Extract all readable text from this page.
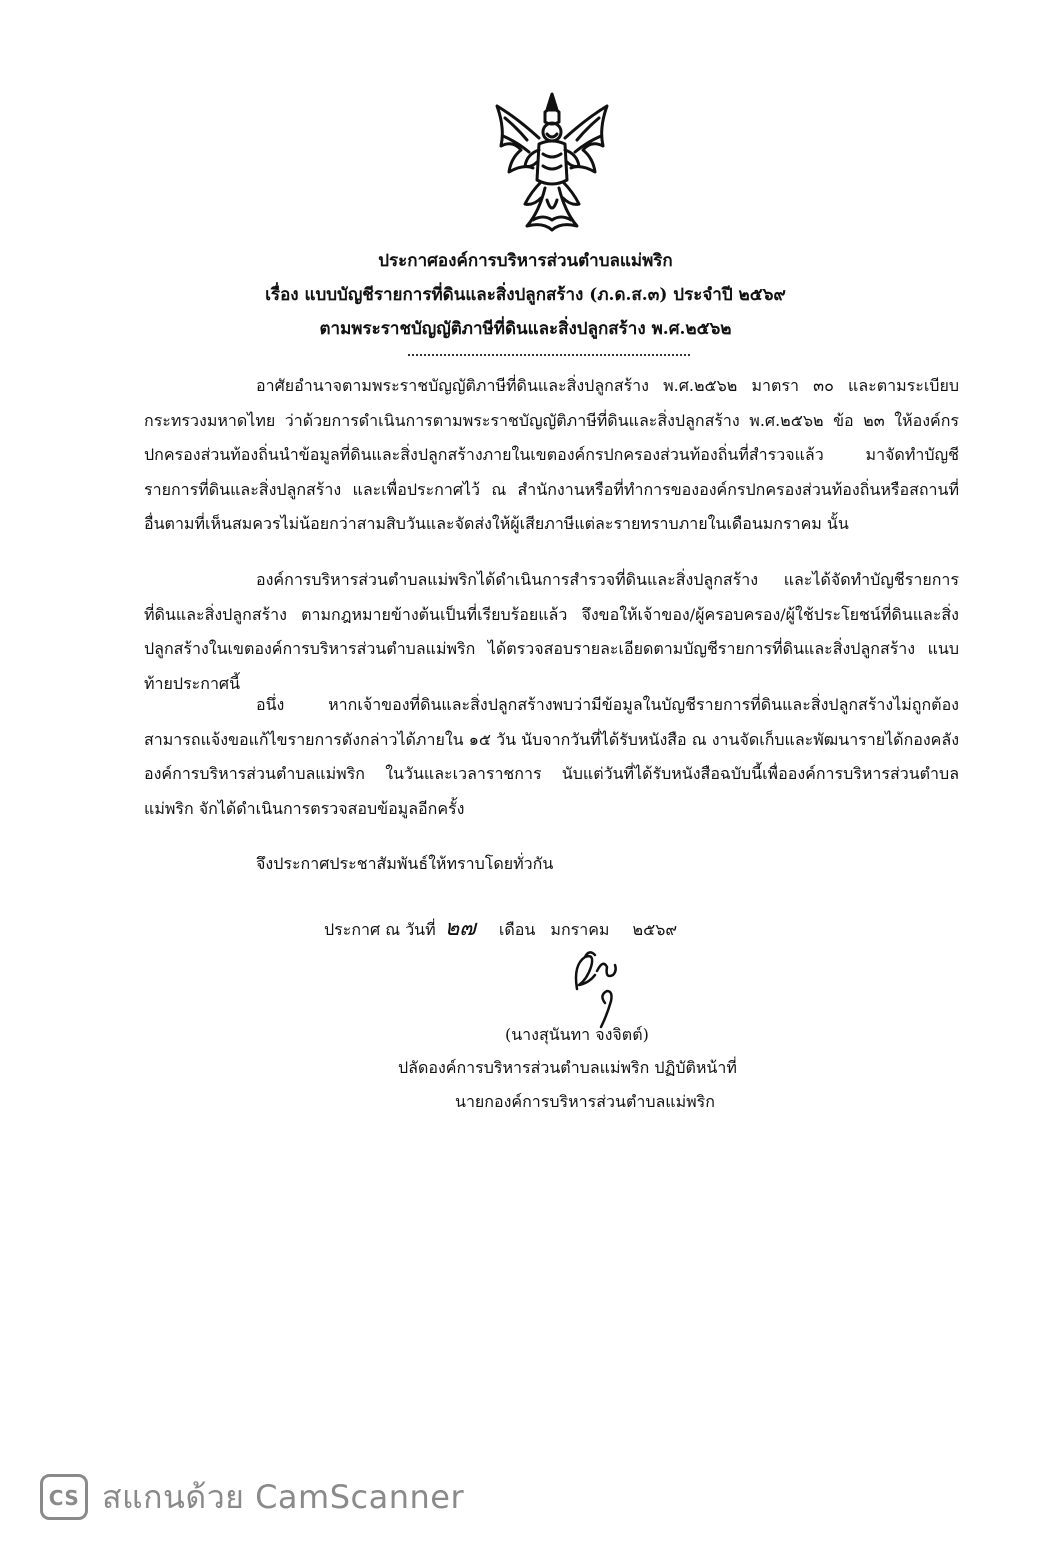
ประกาศองค์การบริหารส่วนตำบลแม่พริก
เรื่อง แบบบัญชีรายการที่ดินและสิ่งปลูกสร้าง (ภ.ด.ส.๓) ประจำปี ๒๕๖๙
ตามพระราชบัญญัติภาษีที่ดินและสิ่งปลูกสร้าง พ.ศ.๒๕๖๒
อาศัยอำนาจตามพระราชบัญญัติภาษีที่ดินและสิ่งปลูกสร้าง พ.ศ.๒๕๖๒ มาตรา ๓๐ และตามระเบียบกระทรวงมหาดไทย ว่าด้วยการดำเนินการตามพระราชบัญญัติภาษีที่ดินและสิ่งปลูกสร้าง พ.ศ.๒๕๖๒ ข้อ ๒๓ ให้องค์กรปกครองส่วนท้องถิ่นนำข้อมูลที่ดินและสิ่งปลูกสร้างภายในเขตองค์กรปกครองส่วนท้องถิ่นที่สำรวจแล้ว มาจัดทำบัญชีรายการที่ดินและสิ่งปลูกสร้าง และเพื่อประกาศไว้ ณ สำนักงานหรือที่ทำการขององค์กรปกครองส่วนท้องถิ่นหรือสถานที่อื่นตามที่เห็นสมควรไม่น้อยกว่าสามสิบวันและจัดส่งให้ผู้เสียภาษีแต่ละรายทราบภายในเดือนมกราคม นั้น
องค์การบริหารส่วนตำบลแม่พริกได้ดำเนินการสำรวจที่ดินและสิ่งปลูกสร้าง และได้จัดทำบัญชีรายการที่ดินและสิ่งปลูกสร้าง ตามกฎหมายข้างต้นเป็นที่เรียบร้อยแล้ว จึงขอให้เจ้าของ/ผู้ครอบครอง/ผู้ใช้ประโยชน์ที่ดินและสิ่งปลูกสร้างในเขตองค์การบริหารส่วนตำบลแม่พริก ได้ตรวจสอบรายละเอียดตามบัญชีรายการที่ดินและสิ่งปลูกสร้าง แนบท้ายประกาศนี้
อนึ่ง หากเจ้าของที่ดินและสิ่งปลูกสร้างพบว่ามีข้อมูลในบัญชีรายการที่ดินและสิ่งปลูกสร้างไม่ถูกต้อง สามารถแจ้งขอแก้ไขรายการดังกล่าวได้ภายใน ๑๕ วัน นับจากวันที่ได้รับหนังสือ ณ งานจัดเก็บและพัฒนารายได้กองคลัง องค์การบริหารส่วนตำบลแม่พริก ในวันและเวลาราชการ นับแต่วันที่ได้รับหนังสือฉบับนี้เพื่อองค์การบริหารส่วนตำบลแม่พริก จักได้ดำเนินการตรวจสอบข้อมูลอีกครั้ง
จึงประกาศประชาสัมพันธ์ให้ทราบโดยทั่วกัน
ประกาศ ณ วันที่ ๒๗ เดือน มกราคม ๒๕๖๙
(นางสุนันทา จงจิตต์)
ปลัดองค์การบริหารส่วนตำบลแม่พริก ปฏิบัติหน้าที่
นายกองค์การบริหารส่วนตำบลแม่พริก
CS สแกนด้วย CamScanner
